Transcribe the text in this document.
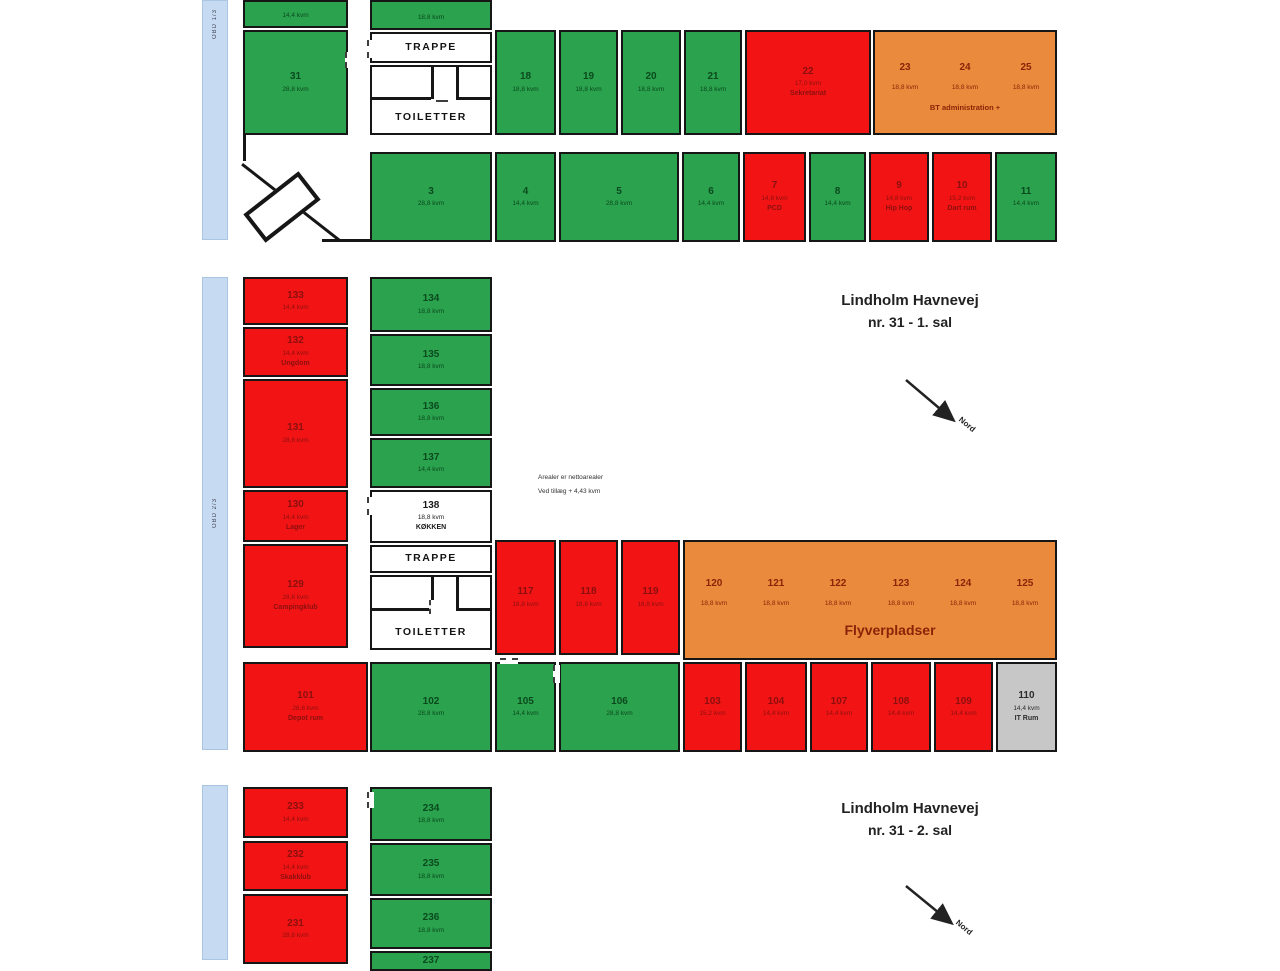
OBD 1/3	14,4 kvm
31
28,8 kvm
18,8 kvm
TRAPPE
TOILETTER
18
18,8 kvm
19
18,8 kvm
20
18,8 kvm
21
18,8 kvm
22
17,0 kvm
Sekretariat
3
28,8 kvm
4
14,4 kvm
5
28,8 kvm
6
14,4 kvm
7
14,8 kvm
PCD
8
14,4 kvm
9
14,8 kvm
Hip Hop
10
15,2 kvm
Dart rum
11
14,4 kvm
23
18,8 kvm
24
18,8 kvm
25
18,8 kvm
BT administration +
OBD 2/3
133
14,4 kvm
132
14,4 kvm
Ungdom
131
28,8 kvm
130
14,4 kvm
Lager
129
28,8 kvm
Campingklub
134
18,8 kvm
135
18,8 kvm
136
18,8 kvm
137
14,4 kvm
138
18,8 kvm
KØKKEN
TRAPPE
TOILETTER
117
18,8 kvm
118
18,8 kvm
119
18,8 kvm
101
28,8 kvm
Depot rum
102
28,8 kvm
105
14,4 kvm
106
28,8 kvm
103
15,2 kvm
104
14,4 kvm
107
14,4 kvm
108
14,4 kvm
109
14,4 kvm
110
14,4 kvm
IT Rum
Lindholm Havnevej
nr. 31 - 1. sal
Arealer er nettoarealer
Ved tillæg + 4,43 kvm
Nord
120
18,8 kvm
121
18,8 kvm
122
18,8 kvm
123
18,8 kvm
124
18,8 kvm
125
18,8 kvm
Flyverpladser
233
14,4 kvm
232
14,4 kvm
Skakklub
231
28,8 kvm
234
18,8 kvm
235
18,8 kvm
236
18,8 kvm
237
Lindholm Havnevej
nr. 31 - 2. sal
Nord
